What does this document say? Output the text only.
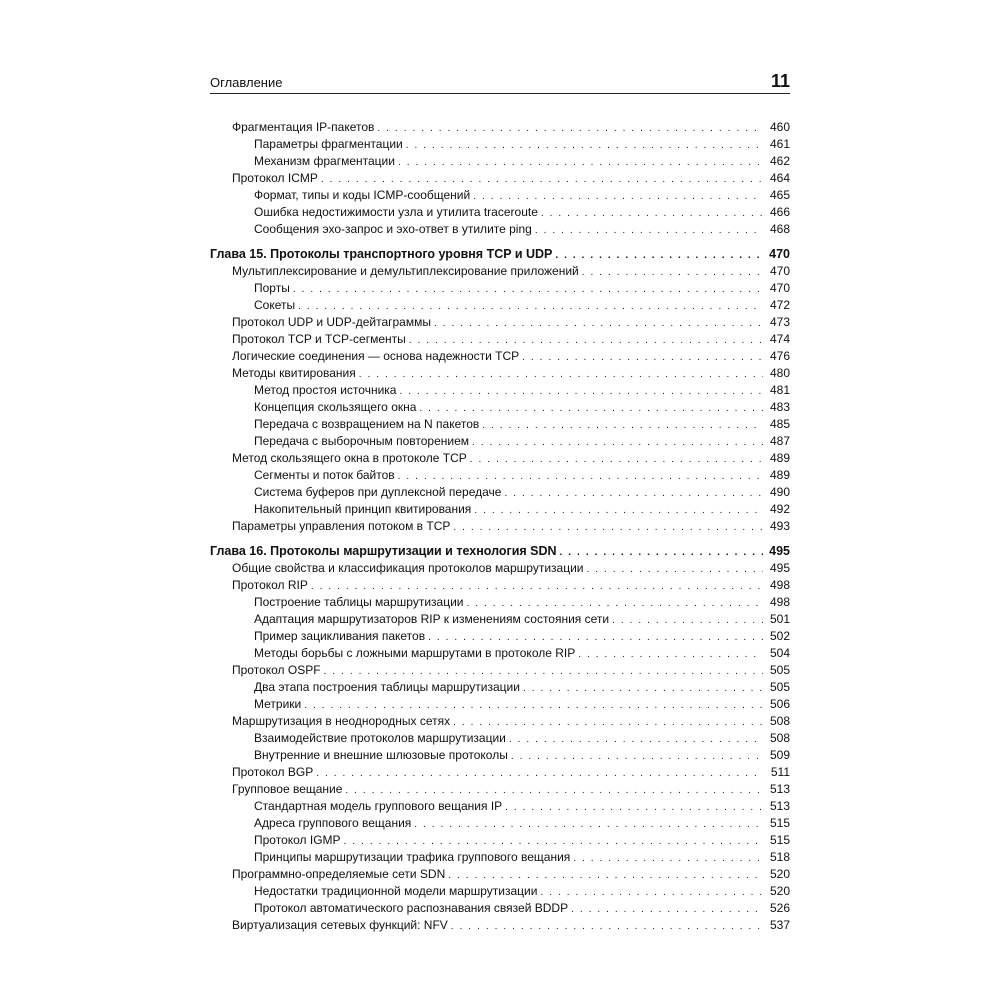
Оглавление	11
Фрагментация IP-пакетов . . .	460
Параметры фрагментации . . .	461
Механизм фрагментации . . .	462
Протокол ICMP . . .	464
Формат, типы и коды ICMP-сообщений . . .	465
Ошибка недостижимости узла и утилита traceroute . . .	466
Сообщения эхо-запрос и эхо-ответ в утилите ping . . .	468
Глава 15. Протоколы транспортного уровня TCP и UDP . . .	470
Мультиплексирование и демультиплексирование приложений . . .	470
Порты . . .	470
Сокеты . . .	472
Протокол UDP и UDP-дейтаграммы . . .	473
Протокол TCP и TCP-сегменты . . .	474
Логические соединения — основа надежности TCP . . .	476
Методы квитирования . . .	480
Метод простоя источника . . .	481
Концепция скользящего окна . . .	483
Передача с возвращением на N пакетов . . .	485
Передача с выборочным повторением . . .	487
Метод скользящего окна в протоколе TCP . . .	489
Сегменты и поток байтов . . .	489
Система буферов при дуплексной передаче . . .	490
Накопительный принцип квитирования . . .	492
Параметры управления потоком в TCP . . .	493
Глава 16. Протоколы маршрутизации и технология SDN . . .	495
Общие свойства и классификация протоколов маршрутизации . . .	495
Протокол RIP . . .	498
Построение таблицы маршрутизации . . .	498
Адаптация маршрутизаторов RIP к изменениям состояния сети . . .	501
Пример зацикливания пакетов . . .	502
Методы борьбы с ложными маршрутами в протоколе RIP . . .	504
Протокол OSPF . . .	505
Два этапа построения таблицы маршрутизации . . .	505
Метрики . . .	506
Маршрутизация в неоднородных сетях . . .	508
Взаимодействие протоколов маршрутизации . . .	508
Внутренние и внешние шлюзовые протоколы . . .	509
Протокол BGP . . .	511
Групповое вещание . . .	513
Стандартная модель группового вещания IP . . .	513
Адреса группового вещания . . .	515
Протокол IGMP . . .	515
Принципы маршрутизации трафика группового вещания . . .	518
Программно-определяемые сети SDN . . .	520
Недостатки традиционной модели маршрутизации . . .	520
Протокол автоматического распознавания связей BDDP . . .	526
Виртуализация сетевых функций: NFV . . .	537
